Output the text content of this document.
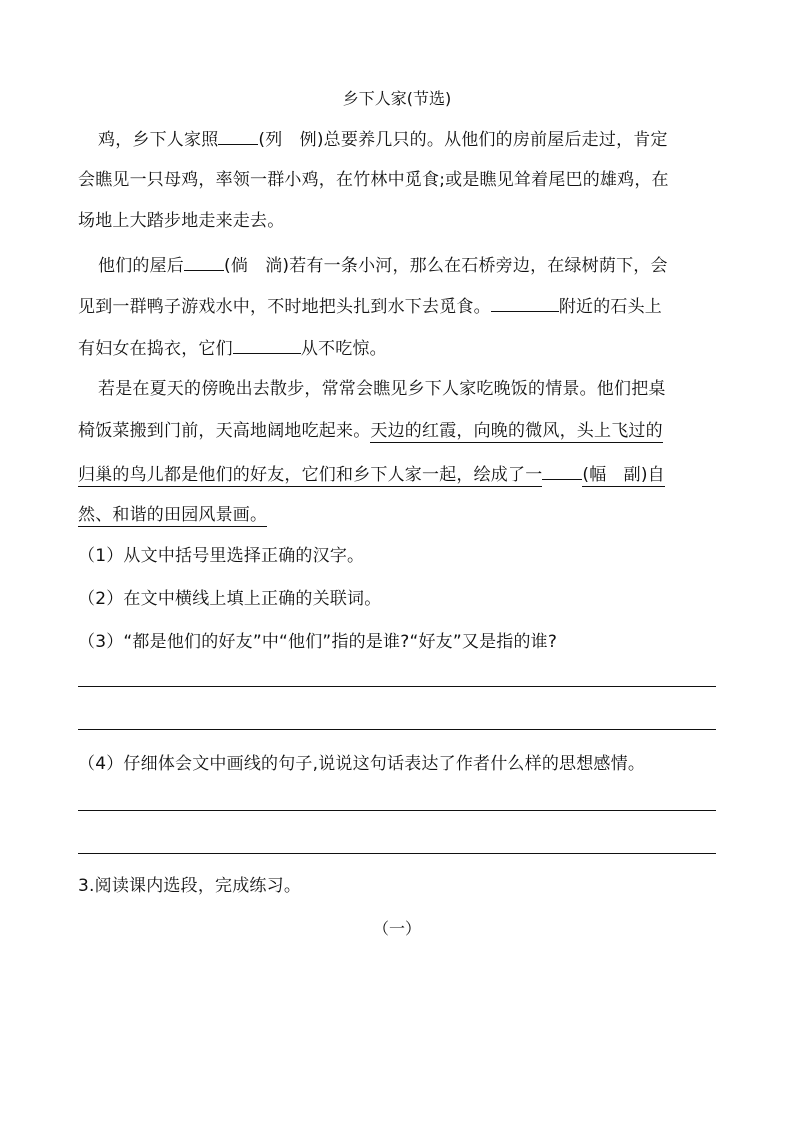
乡下人家(节选)
鸡，乡下人家照 (列　例)总要养几只的。从他们的房前屋后走过，肯定
会瞧见一只母鸡，率领一群小鸡，在竹林中觅食;或是瞧见耸着尾巴的雄鸡，在
场地上大踏步地走来走去。
他们的屋后 (倘　淌)若有一条小河，那么在石桥旁边，在绿树荫下，会
见到一群鸭子游戏水中，不时地把头扎到水下去觅食。	附近的石头上
有妇女在捣衣，它们	从不吃惊。
若是在夏天的傍晚出去散步，常常会瞧见乡下人家吃晚饭的情景。他们把桌
椅饭菜搬到门前，天高地阔地吃起来。天边的红霞，向晚的微风，头上飞过的
归巢的鸟儿都是他们的好友，它们和乡下人家一起，绘成了一 (幅　副)自
然、和谐的田园风景画。
（1）从文中括号里选择正确的汉字。
（2）在文中横线上填上正确的关联词。
（3）“都是他们的好友”中“他们”指的是谁?“好友”又是指的谁?
（4）仔细体会文中画线的句子,说说这句话表达了作者什么样的思想感情。
3.阅读课内选段，完成练习。
（一）
